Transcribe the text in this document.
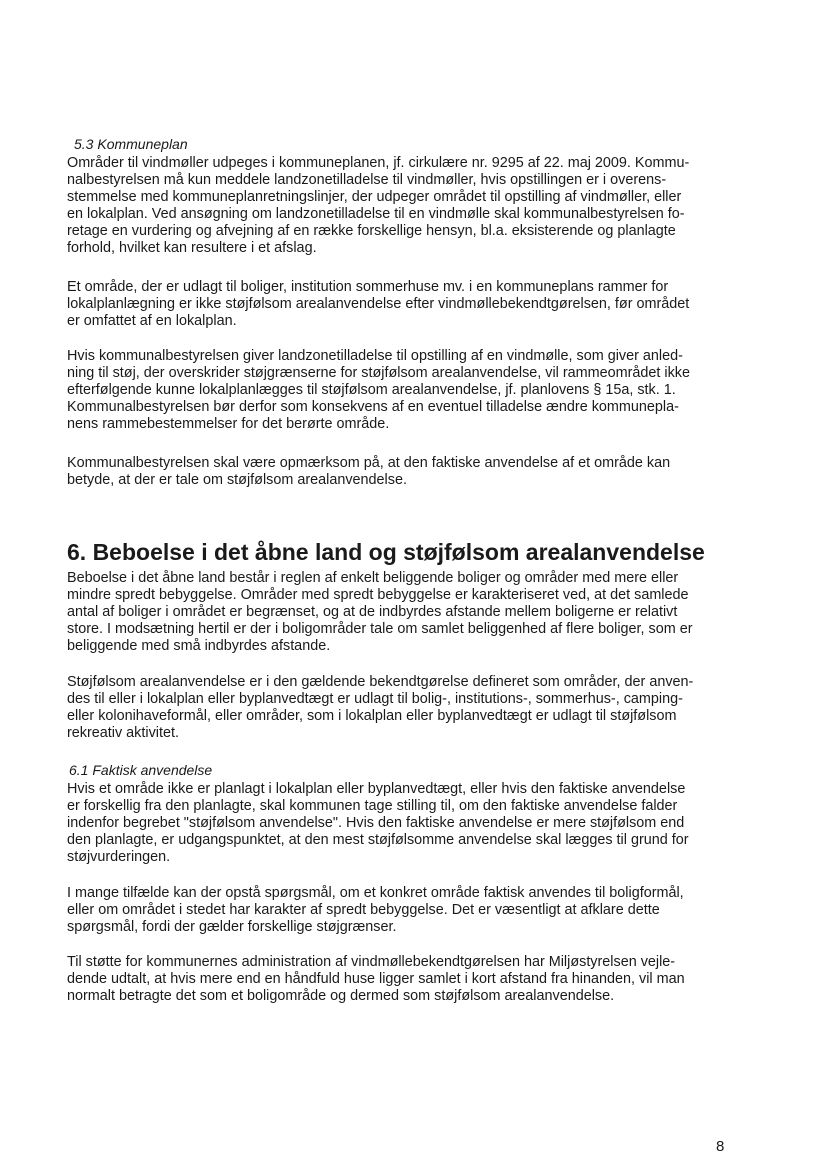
5.3 Kommuneplan

Områder til vindmøller udpeges i kommuneplanen, jf. cirkulære nr. 9295 af 22. maj 2009. Kommu-
nalbestyrelsen må kun meddele landzonetilladelse til vindmøller, hvis opstillingen er i overens-
stemmelse med kommuneplanretningslinjer, der udpeger området til opstilling af vindmøller, eller
en lokalplan. Ved ansøgning om landzonetilladelse til en vindmølle skal kommunalbestyrelsen fo-
retage en vurdering og afvejning af en række forskellige hensyn, bl.a. eksisterende og planlagte
forhold, hvilket kan resultere i et afslag.

Et område, der er udlagt til boliger, institution sommerhuse mv. i en kommuneplans rammer for
lokalplanlægning er ikke støjfølsom arealanvendelse efter vindmøllebekendtgørelsen, før området
er omfattet af en lokalplan.

Hvis kommunalbestyrelsen giver landzonetilladelse til opstilling af en vindmølle, som giver anled-
ning til støj, der overskrider støjgrænserne for støjfølsom arealanvendelse, vil rammeområdet ikke
efterfølgende kunne lokalplanlægges til støjfølsom arealanvendelse, jf. planlovens § 15a, stk. 1.
Kommunalbestyrelsen bør derfor som konsekvens af en eventuel tilladelse ændre kommunepla-
nens rammebestemmelser for det berørte område.

Kommunalbestyrelsen skal være opmærksom på, at den faktiske anvendelse af et område kan
betyde, at der er tale om støjfølsom arealanvendelse.

6. Beboelse i det åbne land og støjfølsom arealanvendelse

Beboelse i det åbne land består i reglen af enkelt beliggende boliger og områder med mere eller
mindre spredt bebyggelse. Områder med spredt bebyggelse er karakteriseret ved, at det samlede
antal af boliger i området er begrænset, og at de indbyrdes afstande mellem boligerne er relativt
store. I modsætning hertil er der i boligområder tale om samlet beliggenhed af flere boliger, som er
beliggende med små indbyrdes afstande.

Støjfølsom arealanvendelse er i den gældende bekendtgørelse defineret som områder, der anven-
des til eller i lokalplan eller byplanvedtægt er udlagt til bolig-, institutions-, sommerhus-, camping-
eller kolonihaveformål, eller områder, som i lokalplan eller byplanvedtægt er udlagt til støjfølsom
rekreativ aktivitet.

6.1 Faktisk anvendelse

Hvis et område ikke er planlagt i lokalplan eller byplanvedtægt, eller hvis den faktiske anvendelse
er forskellig fra den planlagte, skal kommunen tage stilling til, om den faktiske anvendelse falder
indenfor begrebet "støjfølsom anvendelse". Hvis den faktiske anvendelse er mere støjfølsom end
den planlagte, er udgangspunktet, at den mest støjfølsomme anvendelse skal lægges til grund for
støjvurderingen.

I mange tilfælde kan der opstå spørgsmål, om et konkret område faktisk anvendes til boligformål,
eller om området i stedet har karakter af spredt bebyggelse. Det er væsentligt at afklare dette
spørgsmål, fordi der gælder forskellige støjgrænser.

Til støtte for kommunernes administration af vindmøllebekendtgørelsen har Miljøstyrelsen vejle-
dende udtalt, at hvis mere end en håndfuld huse ligger samlet i kort afstand fra hinanden, vil man
normalt betragte det som et boligområde og dermed som støjfølsom arealanvendelse.

8
